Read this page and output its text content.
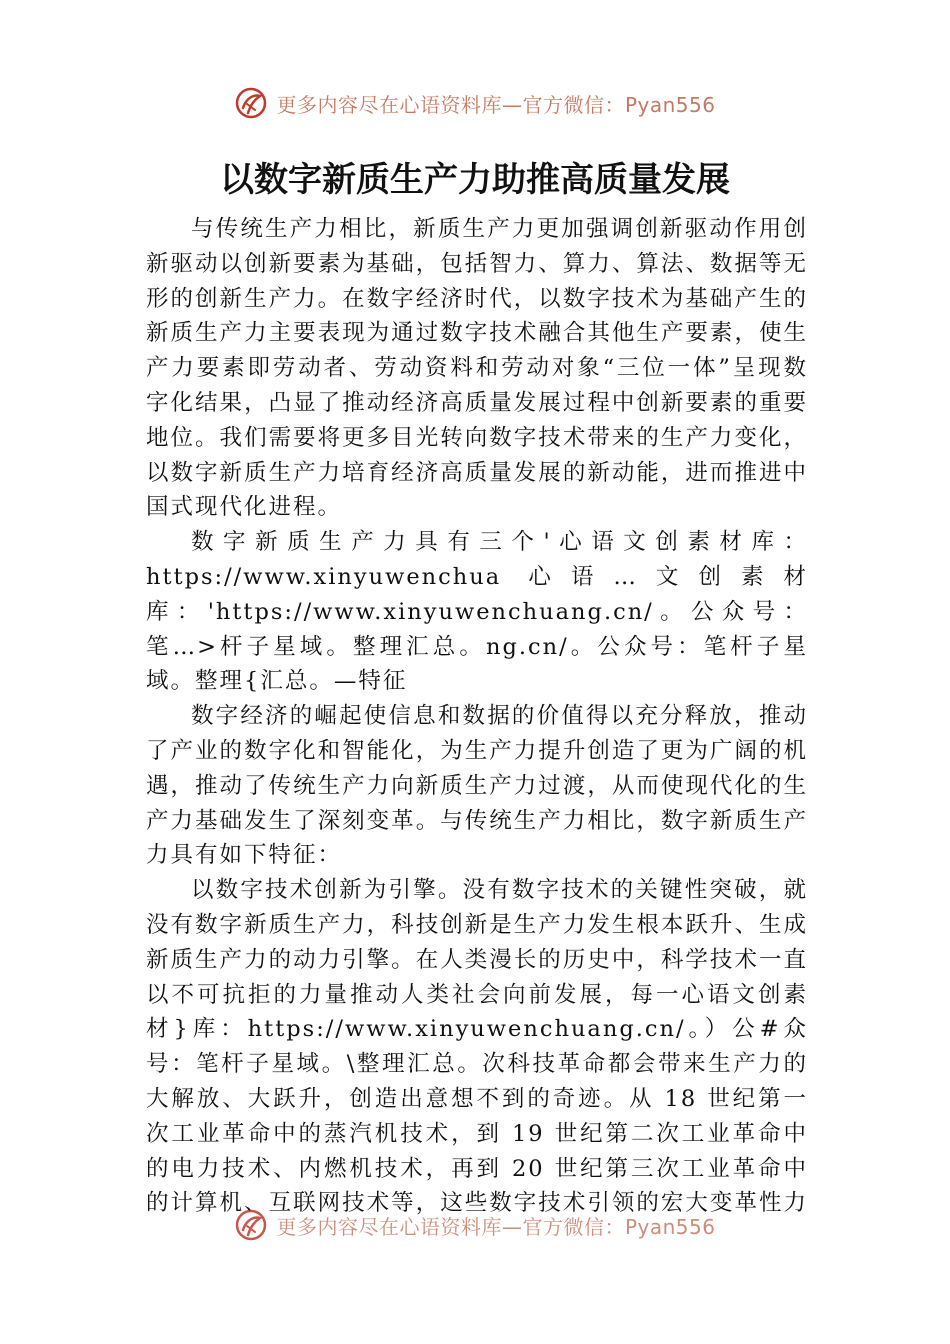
更多内容尽在心语资料库—官方微信：Pyan556
以数字新质生产力助推高质量发展

与传统生产力相比，新质生产力更加强调创新驱动作用创新驱动以创新要素为基础，包括智力、算力、算法、数据等无形的创新生产力。在数字经济时代，以数字技术为基础产生的新质生产力主要表现为通过数字技术融合其他生产要素，使生产力要素即劳动者、劳动资料和劳动对象“三位一体”呈现数字化结果，凸显了推动经济高质量发展过程中创新要素的重要地位。我们需要将更多目光转向数字技术带来的生产力变化，以数字新质生产力培育经济高质量发展的新动能，进而推进中国式现代化进程。

数字新质生产力具有三个'心语文创素材库：https://www.xinyuwenchua 心语…文创素材库：'https://www.xinyuwenchuang.cn/。公众号：笔…>杆子星域。整理汇总。ng.cn/。公众号：笔杆子星域。整理{汇总。—特征

数字经济的崛起使信息和数据的价值得以充分释放，推动了产业的数字化和智能化，为生产力提升创造了更为广阔的机遇，推动了传统生产力向新质生产力过渡，从而使现代化的生产力基础发生了深刻变革。与传统生产力相比，数字新质生产力具有如下特征：

以数字技术创新为引擎。没有数字技术的关键性突破，就没有数字新质生产力，科技创新是生产力发生根本跃升、生成新质生产力的动力引擎。在人类漫长的历史中，科学技术一直以不可抗拒的力量推动人类社会向前发展，每一心语文创素材}库：https://www.xinyuwenchuang.cn/。）公#众号：笔杆子星域。\整理汇总。次科技革命都会带来生产力的大解放、大跃升，创造出意想不到的奇迹。从 18 世纪第一次工业革命中的蒸汽机技术，到 19 世纪第二次工业革命中的电力技术、内燃机技术，再到 20 世纪第三次工业革命中的计算机、互联网技术等，这些数字技术引领的宏大变革性力

更多内容尽在心语资料库—官方微信：Pyan556
